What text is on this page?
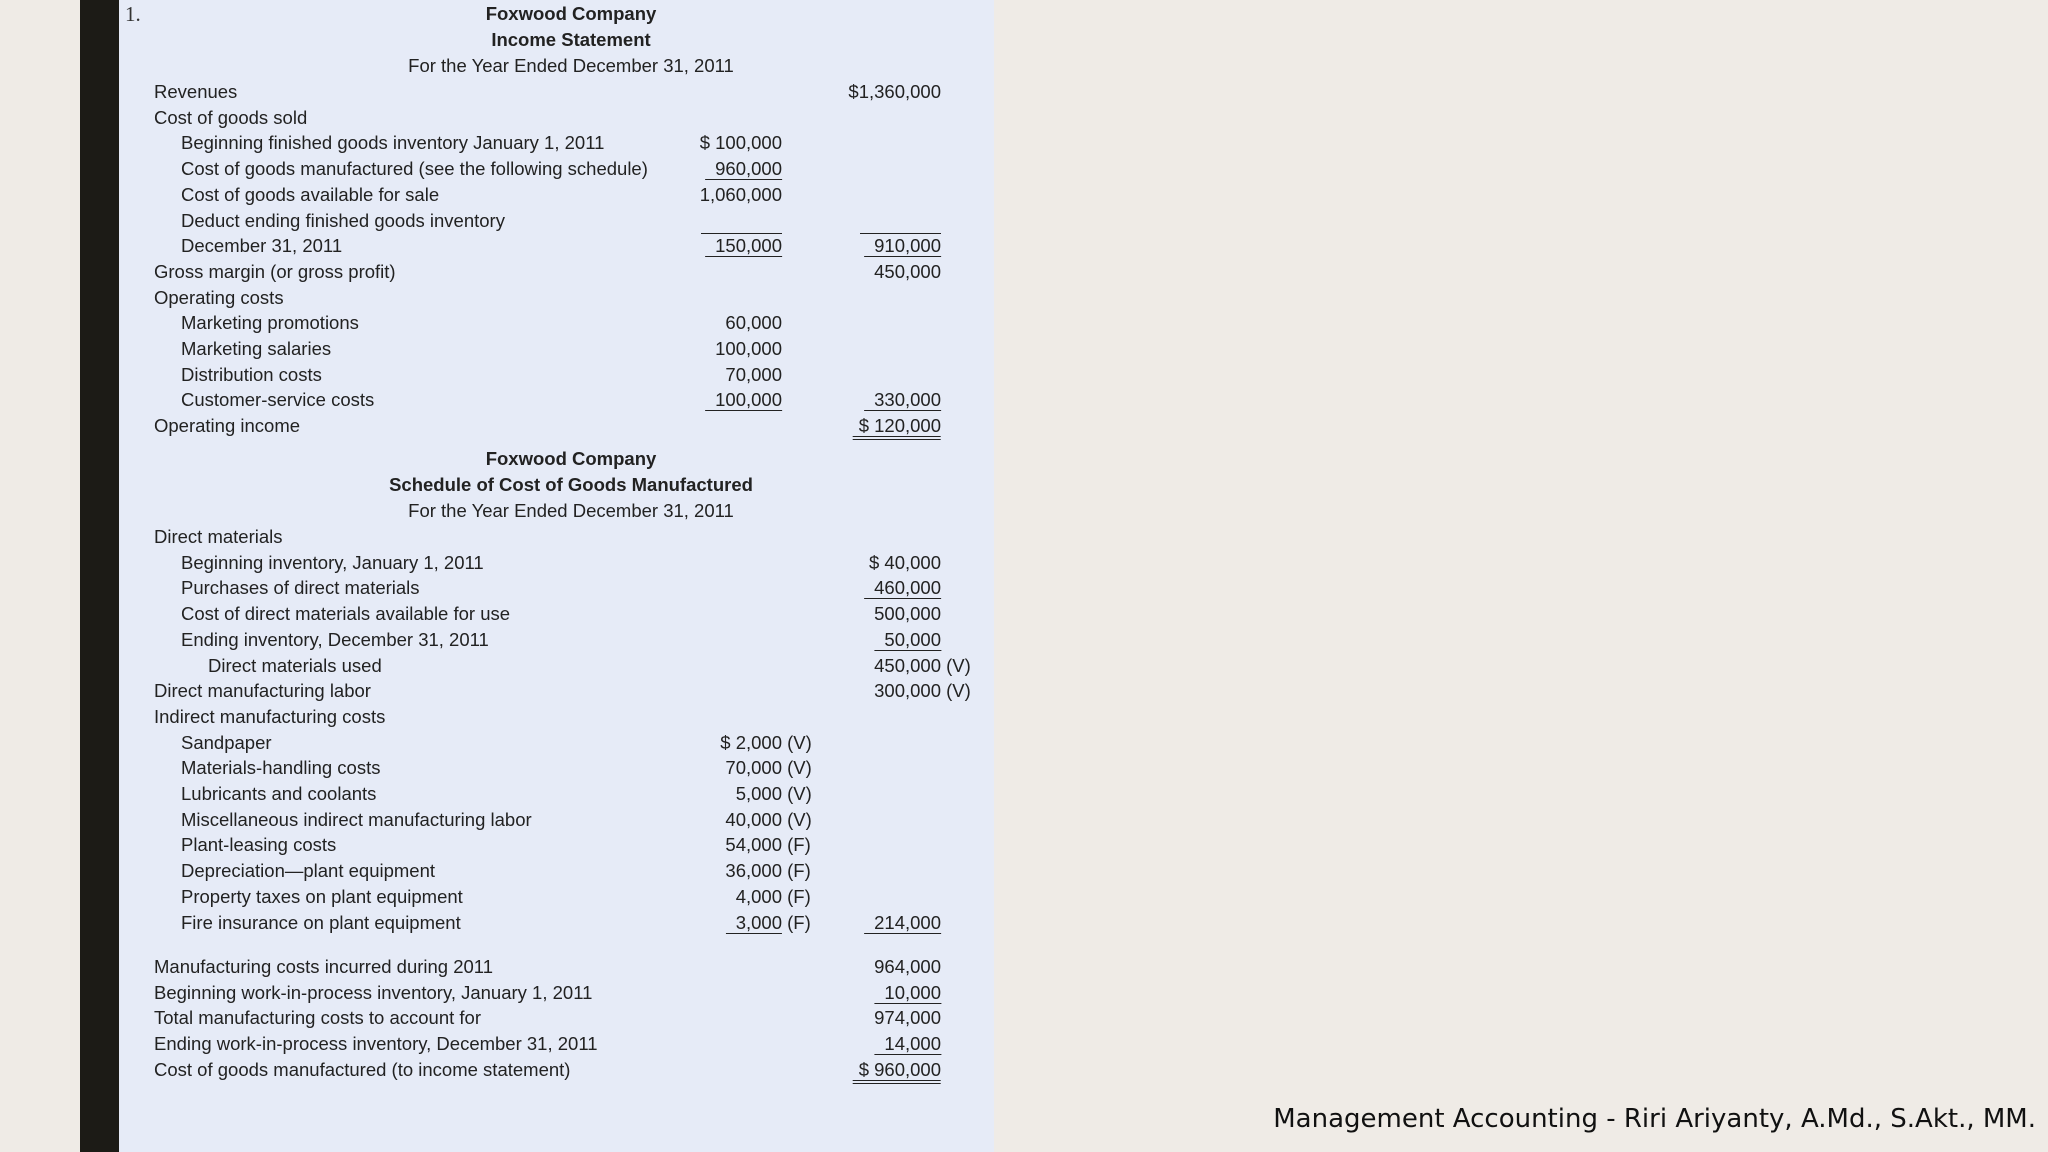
1.	Foxwood Company
Income Statement
For the Year Ended December 31, 2011
Foxwood Company
Schedule of Cost of Goods Manufactured
For the Year Ended December 31, 2011
Revenues	$1,360,000
Cost of goods sold
Beginning finished goods inventory January 1, 2011	$ 100,000
Cost of goods manufactured (see the following schedule)	960,000
Cost of goods available for sale	1,060,000
Deduct ending finished goods inventory
December 31, 2011	150,000	910,000
Gross margin (or gross profit)	450,000
Operating costs
Marketing promotions	60,000
Marketing salaries	100,000
Distribution costs	70,000
Customer-service costs	100,000	330,000
Operating income	$ 120,000
Direct materials
Beginning inventory, January 1, 2011	$ 40,000
Purchases of direct materials	460,000
Cost of direct materials available for use	500,000
Ending inventory, December 31, 2011	50,000
Direct materials used	450,000 (V)
Direct manufacturing labor	300,000 (V)
Indirect manufacturing costs
Sandpaper	$ 2,000 (V)
Materials-handling costs	70,000 (V)
Lubricants and coolants	5,000 (V)
Miscellaneous indirect manufacturing labor	40,000 (V)
Plant-leasing costs	54,000 (F)
Depreciation—plant equipment	36,000 (F)
Property taxes on plant equipment	4,000 (F)
Fire insurance on plant equipment	3,000 (F)	214,000
Manufacturing costs incurred during 2011	964,000
Beginning work-in-process inventory, January 1, 2011	10,000
Total manufacturing costs to account for	974,000
Ending work-in-process inventory, December 31, 2011	14,000
Cost of goods manufactured (to income statement)	$ 960,000
Management Accounting - Riri Ariyanty, A.Md., S.Akt., MM.
